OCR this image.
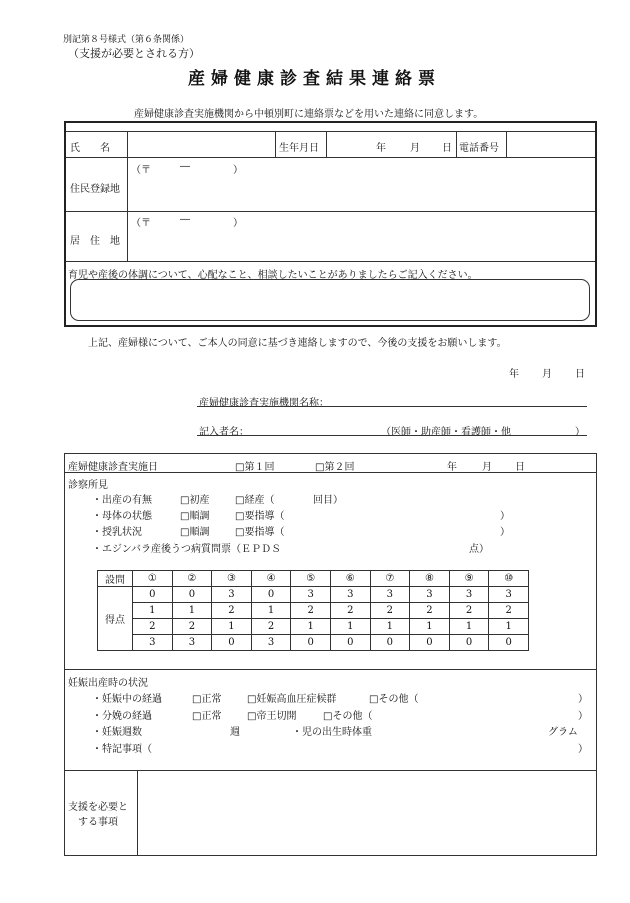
別記第８号様式（第６条関係）
（支援が必要とされる方）
産婦健康診査結果連絡票
産婦健康診査実施機関から中頓別町に連絡票などを用いた連絡に同意します。
氏　　名	生年月日	年 月 日 電話番号
住民登録地
（〒	―	）
居　住　地
（〒	―	）
育児や産後の体調について、心配なこと、相談したいことがありましたらご記入ください。
上記、産婦様について、ご本人の同意に基づき連絡しますので、今後の支援をお願いします。
年 月 日
産婦健康診査実施機関名称：
記入者名：	（医師・助産師・看護師・他	）
産婦健康診査実施日	□第１回	□第２回	年	月 日
診察所見
・出産の有無	□初産	□経産（	回目）
・母体の状態	□順調	□要指導（	）
・授乳状況	□順調	□要指導（	）
・エジンバラ産後うつ病質問票（ＥＰＤＳ	点）
設問	①	②	③	④	⑤	⑥	⑦	⑧	⑨	⑩
得点	0	0	3	0	3	3	3	3	3	3
	1	1	2	1	2	2	2	2	2	2
	2	2	1	2	1	1	1	1	1	1
	3	3	0	3	0	0	0	0	0	0
妊娠出産時の状況
・妊娠中の経過	□正常	□妊娠高血圧症候群	□その他（	）
・分娩の経過	□正常	□帝王切開	□その他（	）
・妊娠週数	週	・児の出生時体重	グラム
・特記事項（	）
支援を必要と
する事項
